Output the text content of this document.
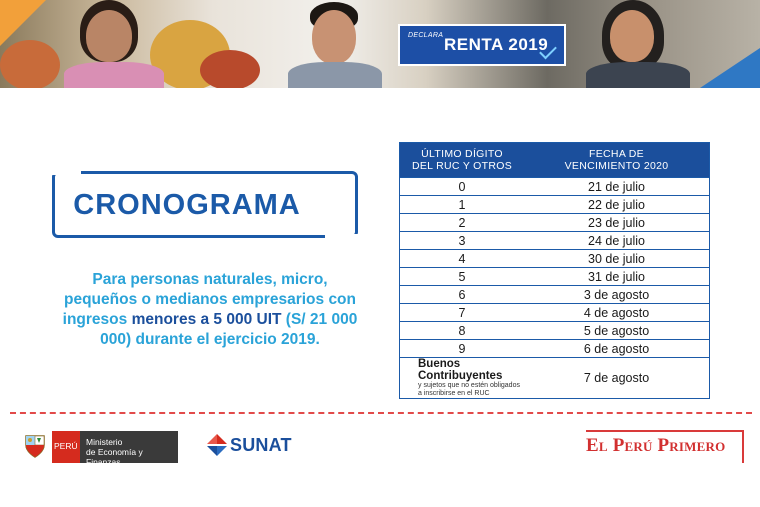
DECLARA RENTA 2019
CRONOGRAMA
Para personas naturales, micro, pequeños o medianos empresarios con ingresos menores a 5 000 UIT (S/ 21 000 000) durante el ejercicio 2019.
ÚLTIMO DÍGITO
DEL RUC Y OTROS	FECHA DE
VENCIMIENTO 2020
0	21 de julio
1	22 de julio
2	23 de julio
3	24 de julio
4	30 de julio
5	31 de julio
6	3 de agosto
7	4 de agosto
8	5 de agosto
9	6 de agosto

Buenos Contribuyentes
y sujetos que no estén obligados
a inscribirse en el RUC	7 de agosto
PERÚ Ministerio
de Economía y Finanzas
SUNAT	El Perú Primero
